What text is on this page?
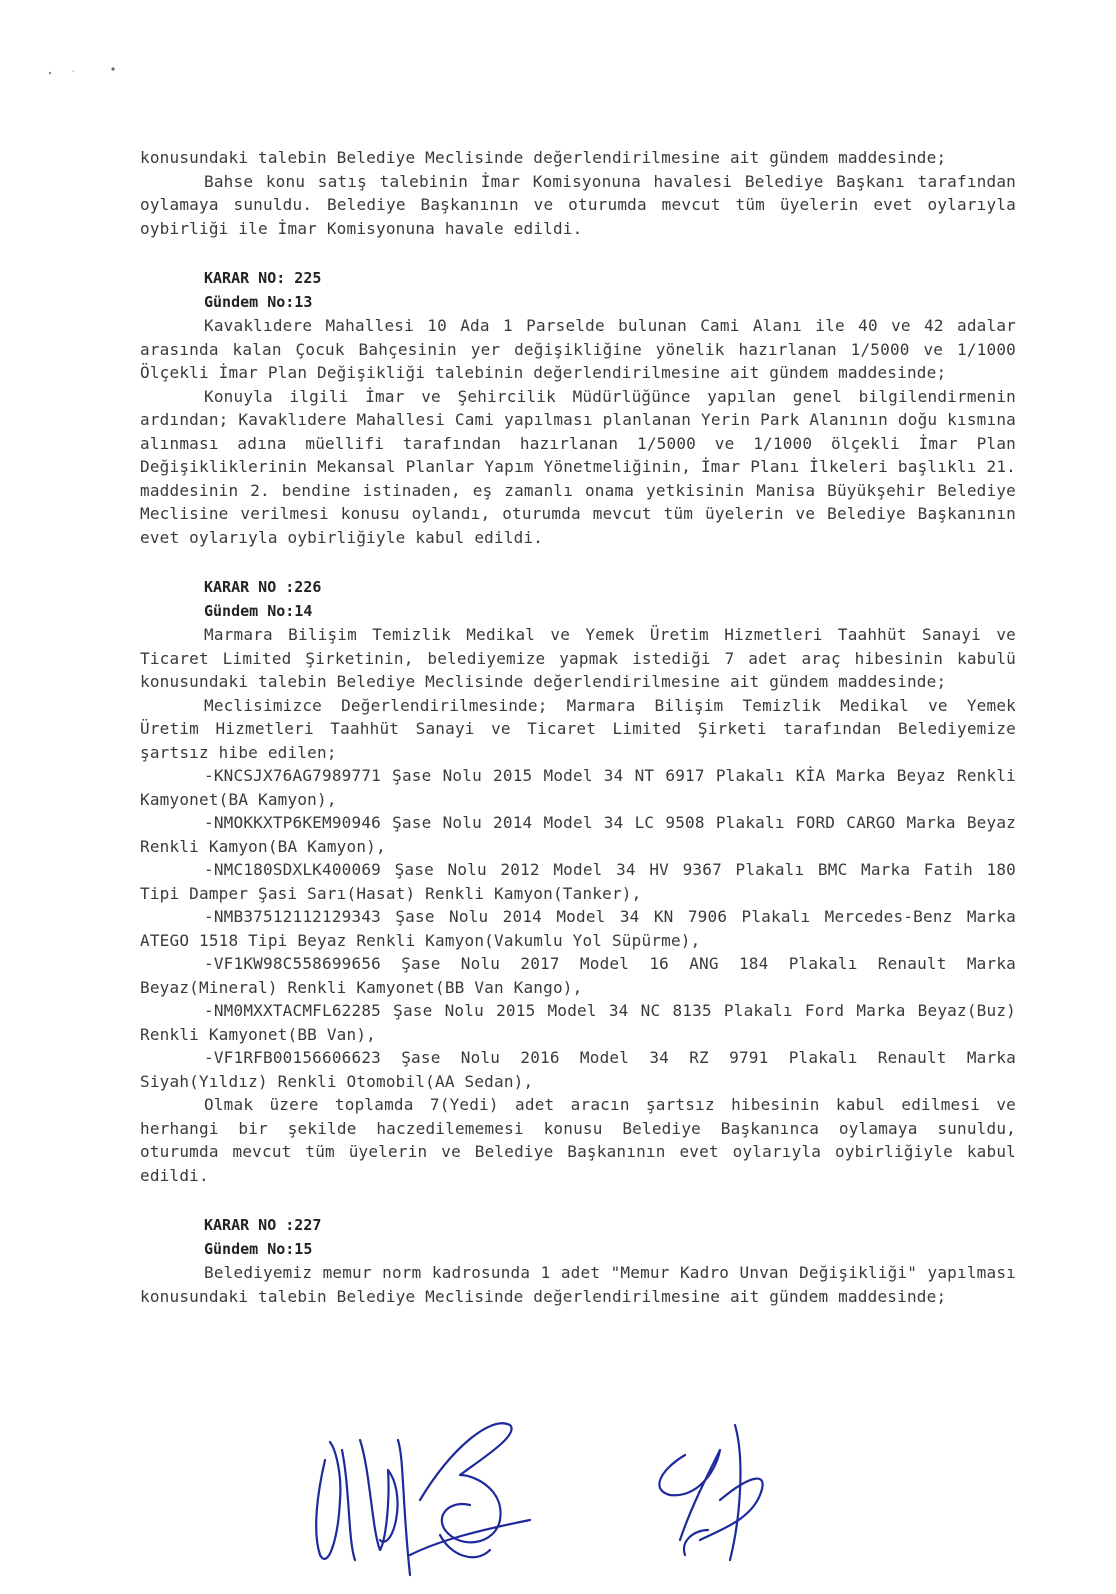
konusundaki talebin Belediye Meclisinde değerlendirilmesine ait gündem maddesinde;

Bahse konu satış talebinin İmar Komisyonuna havalesi Belediye Başkanı tarafından oylamaya sunuldu. Belediye Başkanının ve oturumda mevcut tüm üyelerin evet oylarıyla oybirliği ile İmar Komisyonuna havale edildi.

KARAR NO: 225

Gündem No:13

Kavaklıdere Mahallesi 10 Ada 1 Parselde bulunan Cami Alanı ile 40 ve 42 adalar arasında kalan Çocuk Bahçesinin yer değişikliğine yönelik hazırlanan 1/5000 ve 1/1000 Ölçekli İmar Plan Değişikliği talebinin değerlendirilmesine ait gündem maddesinde;

Konuyla ilgili İmar ve Şehircilik Müdürlüğünce yapılan genel bilgilendirmenin ardından; Kavaklıdere Mahallesi Cami yapılması planlanan Yerin Park Alanının doğu kısmına alınması adına müellifi tarafından hazırlanan 1/5000 ve 1/1000 ölçekli İmar Plan Değişikliklerinin Mekansal Planlar Yapım Yönetmeliğinin, İmar Planı İlkeleri başlıklı 21. maddesinin 2. bendine istinaden, eş zamanlı onama yetkisinin Manisa Büyükşehir Belediye Meclisine verilmesi konusu oylandı, oturumda mevcut tüm üyelerin ve Belediye Başkanının evet oylarıyla oybirliğiyle kabul edildi.

KARAR NO :226

Gündem No:14

Marmara Bilişim Temizlik Medikal ve Yemek Üretim Hizmetleri Taahhüt Sanayi ve Ticaret Limited Şirketinin, belediyemize yapmak istediği 7 adet araç hibesinin kabulü konusundaki talebin Belediye Meclisinde değerlendirilmesine ait gündem maddesinde;

Meclisimizce Değerlendirilmesinde; Marmara Bilişim Temizlik Medikal ve Yemek Üretim Hizmetleri Taahhüt Sanayi ve Ticaret Limited Şirketi tarafından Belediyemize şartsız hibe edilen;

-KNCSJX76AG7989771 Şase Nolu 2015 Model 34 NT 6917 Plakalı KİA Marka Beyaz Renkli Kamyonet(BA Kamyon),

-NMOKKXTP6KEM90946 Şase Nolu 2014 Model 34 LC 9508 Plakalı FORD CARGO Marka Beyaz Renkli Kamyon(BA Kamyon),

-NMC180SDXLK400069 Şase Nolu 2012 Model 34 HV 9367 Plakalı BMC Marka Fatih 180 Tipi Damper Şasi Sarı(Hasat) Renkli Kamyon(Tanker),

-NMB37512112129343 Şase Nolu 2014 Model 34 KN 7906 Plakalı Mercedes-Benz Marka ATEGO 1518 Tipi Beyaz Renkli Kamyon(Vakumlu Yol Süpürme),

-VF1KW98C558699656 Şase Nolu 2017 Model 16 ANG 184 Plakalı Renault Marka Beyaz(Mineral) Renkli Kamyonet(BB Van Kango),

-NM0MXXTACMFL62285 Şase Nolu 2015 Model 34 NC 8135 Plakalı Ford Marka Beyaz(Buz) Renkli Kamyonet(BB Van),

-VF1RFB00156606623 Şase Nolu 2016 Model 34 RZ 9791 Plakalı Renault Marka Siyah(Yıldız) Renkli Otomobil(AA Sedan),

Olmak üzere toplamda 7(Yedi) adet aracın şartsız hibesinin kabul edilmesi ve herhangi bir şekilde haczedilememesi konusu Belediye Başkanınca oylamaya sunuldu, oturumda mevcut tüm üyelerin ve Belediye Başkanının evet oylarıyla oybirliğiyle kabul edildi.

KARAR NO :227

Gündem No:15

Belediyemiz memur norm kadrosunda 1 adet "Memur Kadro Unvan Değişikliği" yapılması konusundaki talebin Belediye Meclisinde değerlendirilmesine ait gündem maddesinde;
